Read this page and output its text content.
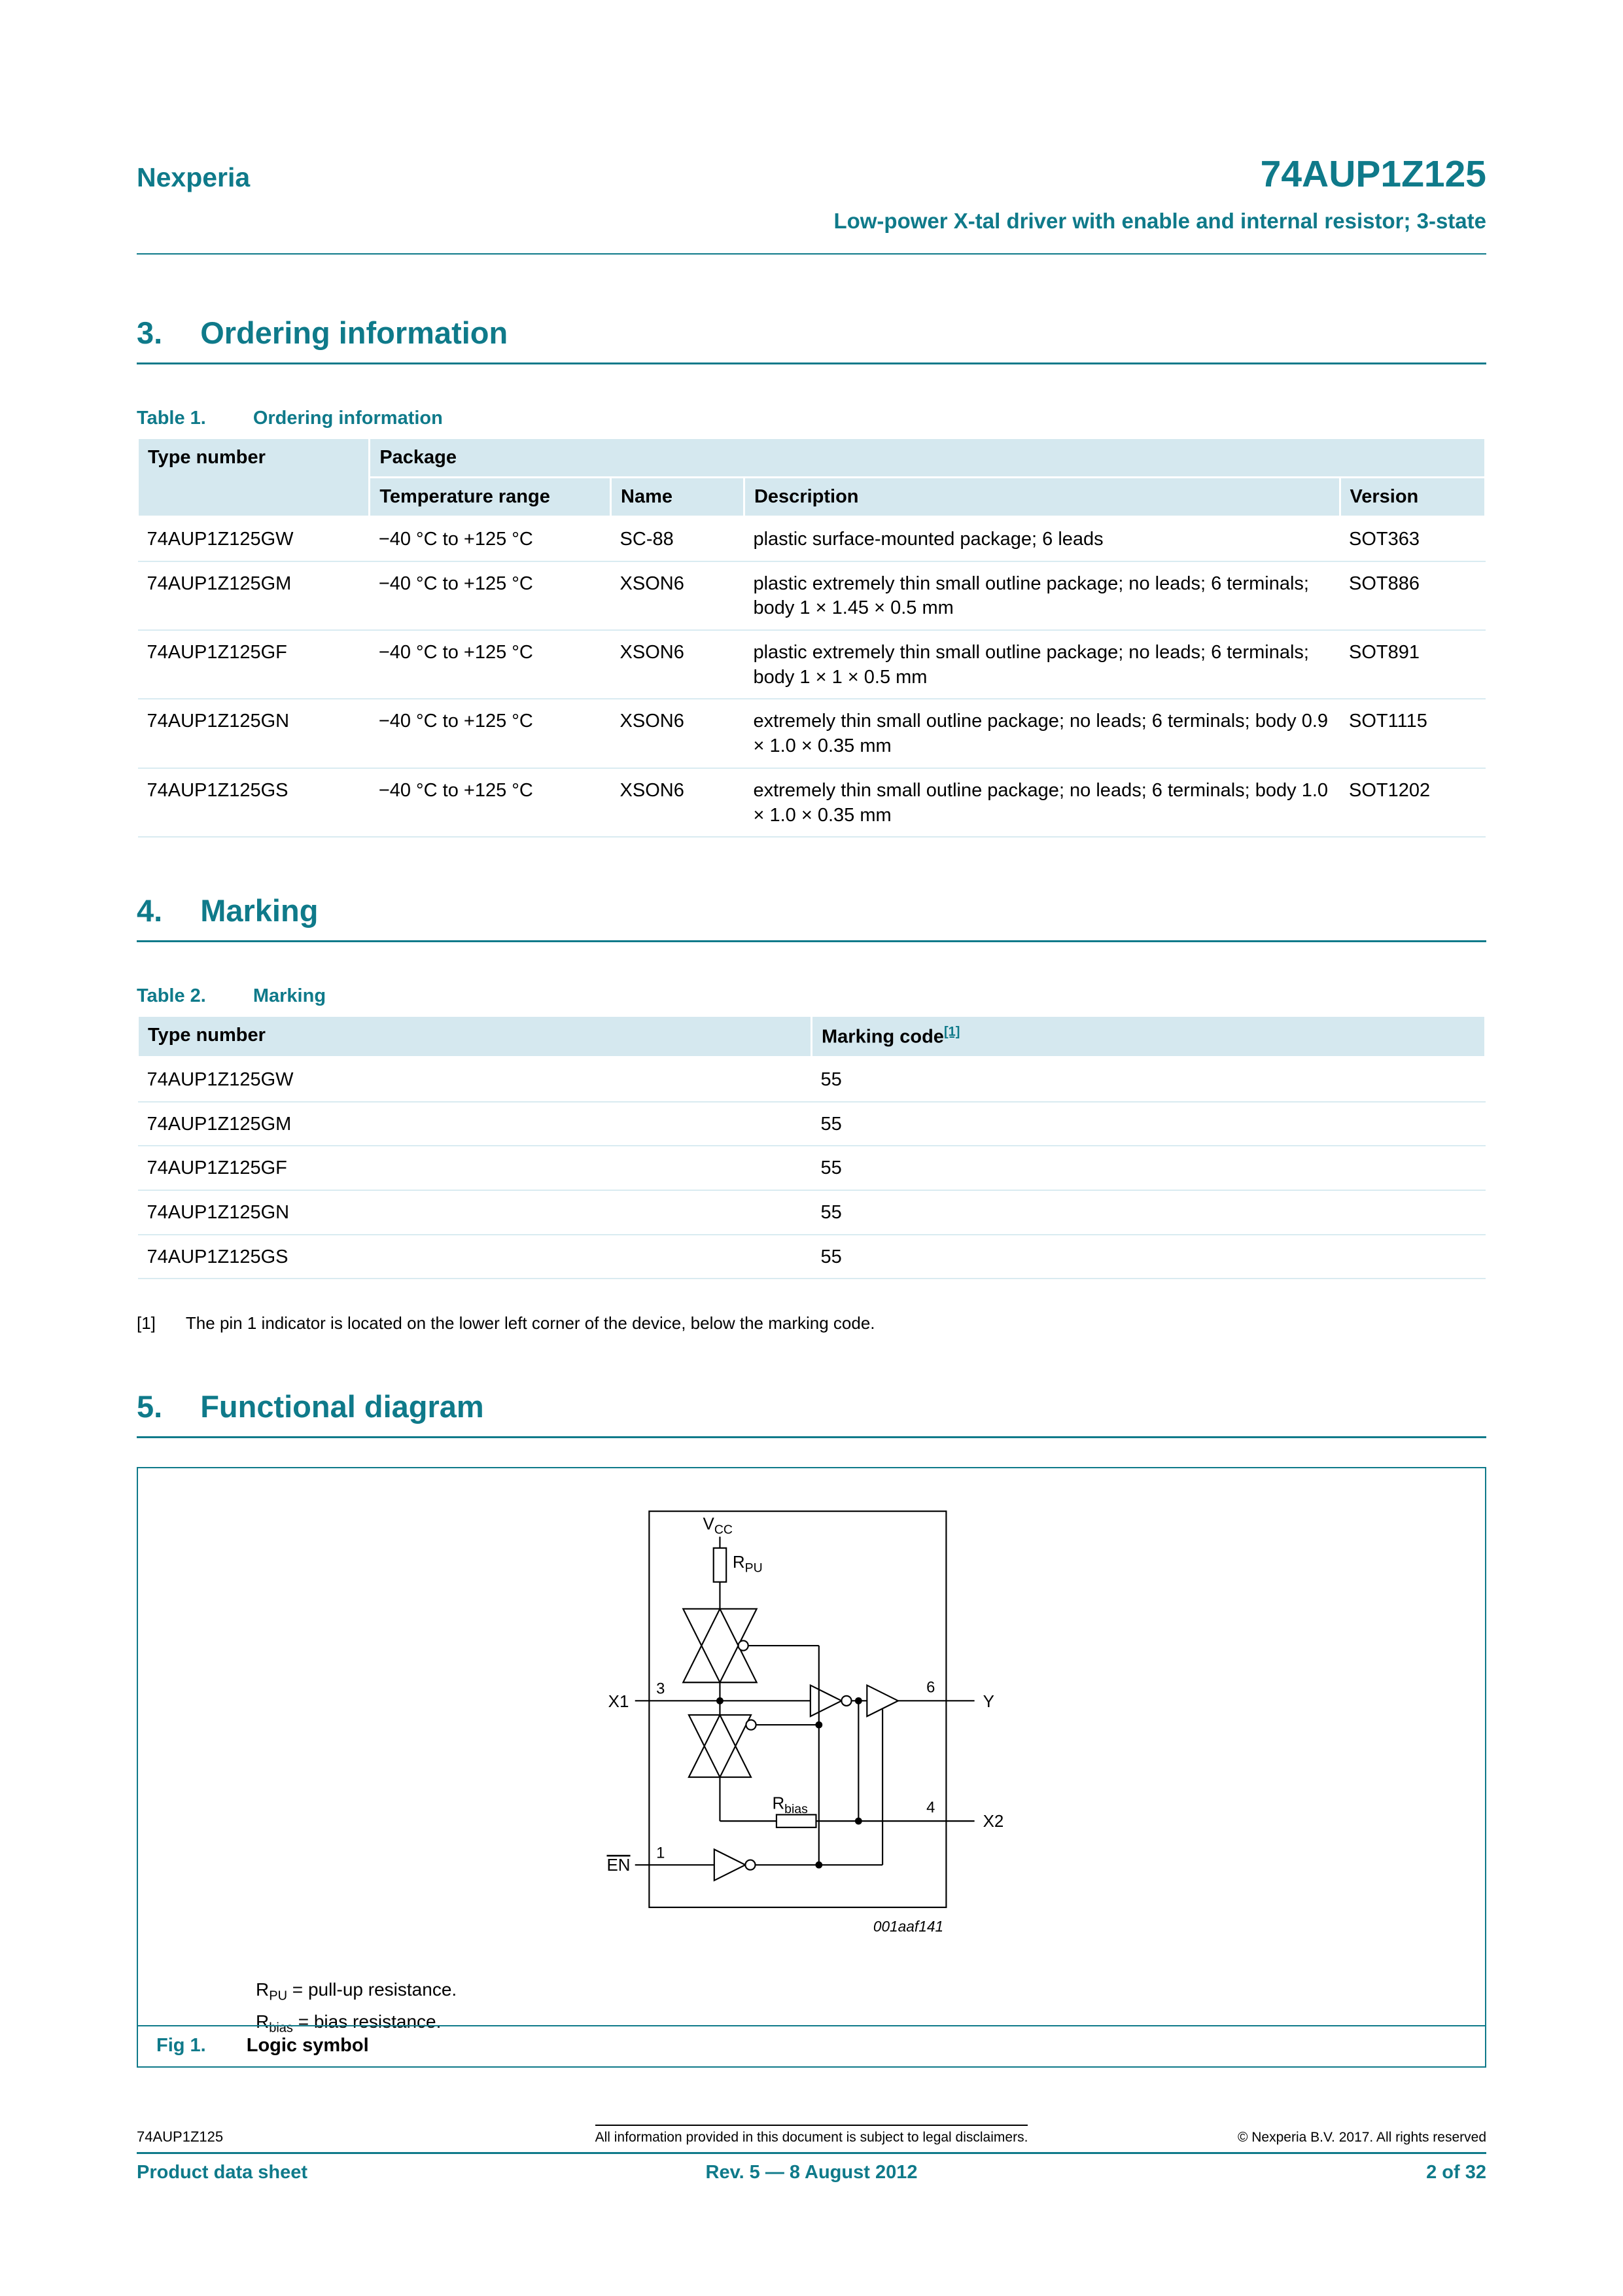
Nexperia	74AUP1Z125
Low-power X-tal driver with enable and internal resistor; 3-state
3. Ordering information
Table 1. Ordering information
Type number	Package			
	Temperature range	Name	Description	Version
74AUP1Z125GW	−40 °C to +125 °C	SC-88	plastic surface-mounted package; 6 leads	SOT363
74AUP1Z125GM	−40 °C to +125 °C	XSON6	plastic extremely thin small outline package; no leads; 6 terminals; body 1 × 1.45 × 0.5 mm	SOT886
74AUP1Z125GF	−40 °C to +125 °C	XSON6	plastic extremely thin small outline package; no leads; 6 terminals; body 1 × 1 × 0.5 mm	SOT891
74AUP1Z125GN	−40 °C to +125 °C	XSON6	extremely thin small outline package; no leads; 6 terminals; body 0.9 × 1.0 × 0.35 mm	SOT1115
74AUP1Z125GS	−40 °C to +125 °C	XSON6	extremely thin small outline package; no leads; 6 terminals; body 1.0 × 1.0 × 0.35 mm	SOT1202
4. Marking
Table 2. Marking
Type number	Marking code[1]
74AUP1Z125GW	55
74AUP1Z125GM	55
74AUP1Z125GF	55
74AUP1Z125GN	55
74AUP1Z125GS	55
[1] The pin 1 indicator is located on the lower left corner of the device, below the marking code.
5. Functional diagram
$V_{CC}$
$R_{PU}$
$R_{bias}$
X1
3
Y
6
X2
4
EN
1
001aaf141
$R_{PU}$ = pull-up resistance.
$R_{bias}$ = bias resistance.
Fig 1. Logic symbol
74AUP1Z125	All information provided in this document is subject to legal disclaimers.	© Nexperia B.V. 2017. All rights reserved
Product data sheet	Rev. 5 — 8 August 2012	2 of 32
